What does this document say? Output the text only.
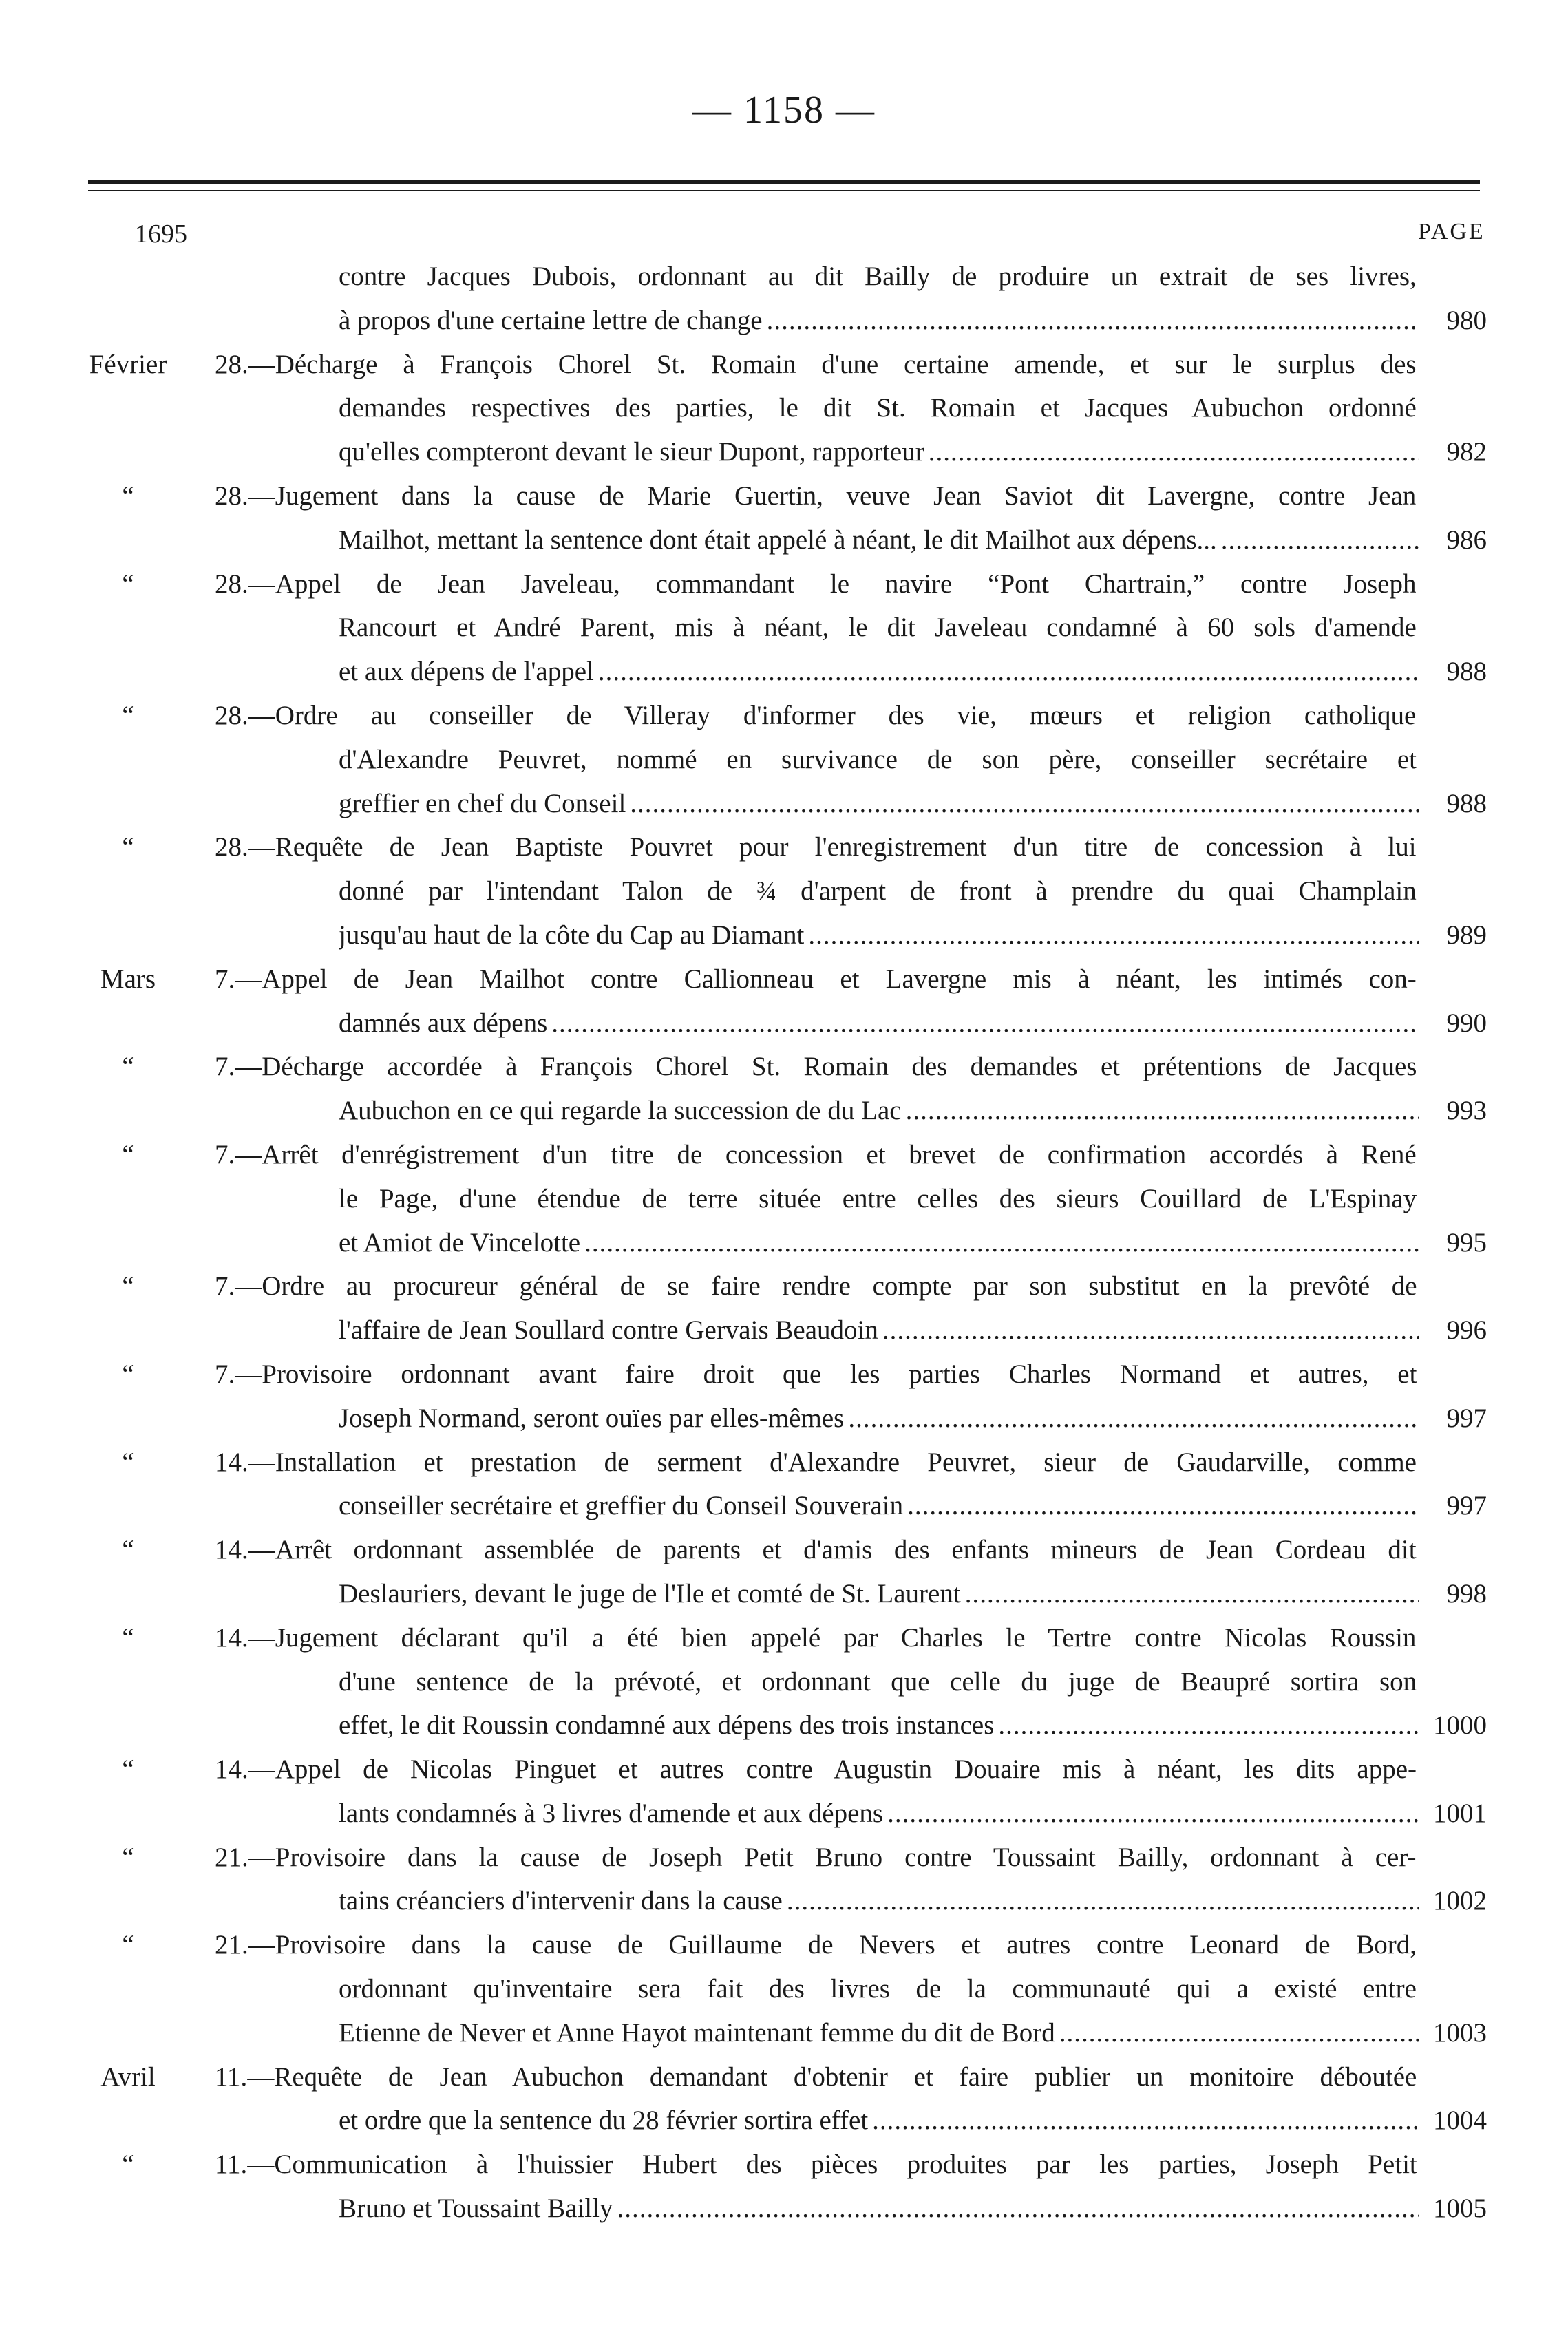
— 1158 —
1695	PAGE
contre Jacques Dubois, ordonnant au dit Bailly de produire un extrait de ses livres,
à propos d'une certaine lettre de change .....	980
Février	28.—Décharge à François Chorel St. Romain d'une certaine amende, et sur le surplus des
demandes respectives des parties, le dit St. Romain et Jacques Aubuchon ordonné
qu'elles compteront devant le sieur Dupont, rapporteur .....	982
“	28.—Jugement dans la cause de Marie Guertin, veuve Jean Saviot dit Lavergne, contre Jean
Mailhot, mettant la sentence dont était appelé à néant, le dit Mailhot aux dépens... .....	986
“	28.—Appel de Jean Javeleau, commandant le navire “Pont Chartrain,” contre Joseph
Rancourt et André Parent, mis à néant, le dit Javeleau condamné à 60 sols d'amende
et aux dépens de l'appel .....	988
“	28.—Ordre au conseiller de Villeray d'informer des vie, mœurs et religion catholique
d'Alexandre Peuvret, nommé en survivance de son père, conseiller secrétaire et
greffier en chef du Conseil .....	988
“	28.—Requête de Jean Baptiste Pouvret pour l'enregistrement d'un titre de concession à lui
donné par l'intendant Talon de ¾ d'arpent de front à prendre du quai Champlain
jusqu'au haut de la côte du Cap au Diamant .....	989
Mars	7.—Appel de Jean Mailhot contre Callionneau et Lavergne mis à néant, les intimés con-
damnés aux dépens .....	990
“	7.—Décharge accordée à François Chorel St. Romain des demandes et prétentions de Jacques
Aubuchon en ce qui regarde la succession de du Lac .....	993
“	7.—Arrêt d'enrégistrement d'un titre de concession et brevet de confirmation accordés à René
le Page, d'une étendue de terre située entre celles des sieurs Couillard de L'Espinay
et Amiot de Vincelotte .....	995
“	7.—Ordre au procureur général de se faire rendre compte par son substitut en la prevôté de
l'affaire de Jean Soullard contre Gervais Beaudoin .....	996
“	7.—Provisoire ordonnant avant faire droit que les parties Charles Normand et autres, et
Joseph Normand, seront ouïes par elles-mêmes .....	997
“	14.—Installation et prestation de serment d'Alexandre Peuvret, sieur de Gaudarville, comme
conseiller secrétaire et greffier du Conseil Souverain .....	997
“	14.—Arrêt ordonnant assemblée de parents et d'amis des enfants mineurs de Jean Cordeau dit
Deslauriers, devant le juge de l'Ile et comté de St. Laurent .....	998
“	14.—Jugement déclarant qu'il a été bien appelé par Charles le Tertre contre Nicolas Roussin
d'une sentence de la prévoté, et ordonnant que celle du juge de Beaupré sortira son
effet, le dit Roussin condamné aux dépens des trois instances .....	1000
“	14.—Appel de Nicolas Pinguet et autres contre Augustin Douaire mis à néant, les dits appe-
lants condamnés à 3 livres d'amende et aux dépens .....	1001
“	21.—Provisoire dans la cause de Joseph Petit Bruno contre Toussaint Bailly, ordonnant à cer-
tains créanciers d'intervenir dans la cause .....	1002
“	21.—Provisoire dans la cause de Guillaume de Nevers et autres contre Leonard de Bord,
ordonnant qu'inventaire sera fait des livres de la communauté qui a existé entre
Etienne de Never et Anne Hayot maintenant femme du dit de Bord .....	1003
Avril	11.—Requête de Jean Aubuchon demandant d'obtenir et faire publier un monitoire déboutée
et ordre que la sentence du 28 février sortira effet .....	1004
“	11.—Communication à l'huissier Hubert des pièces produites par les parties, Joseph Petit
Bruno et Toussaint Bailly .....	1005
